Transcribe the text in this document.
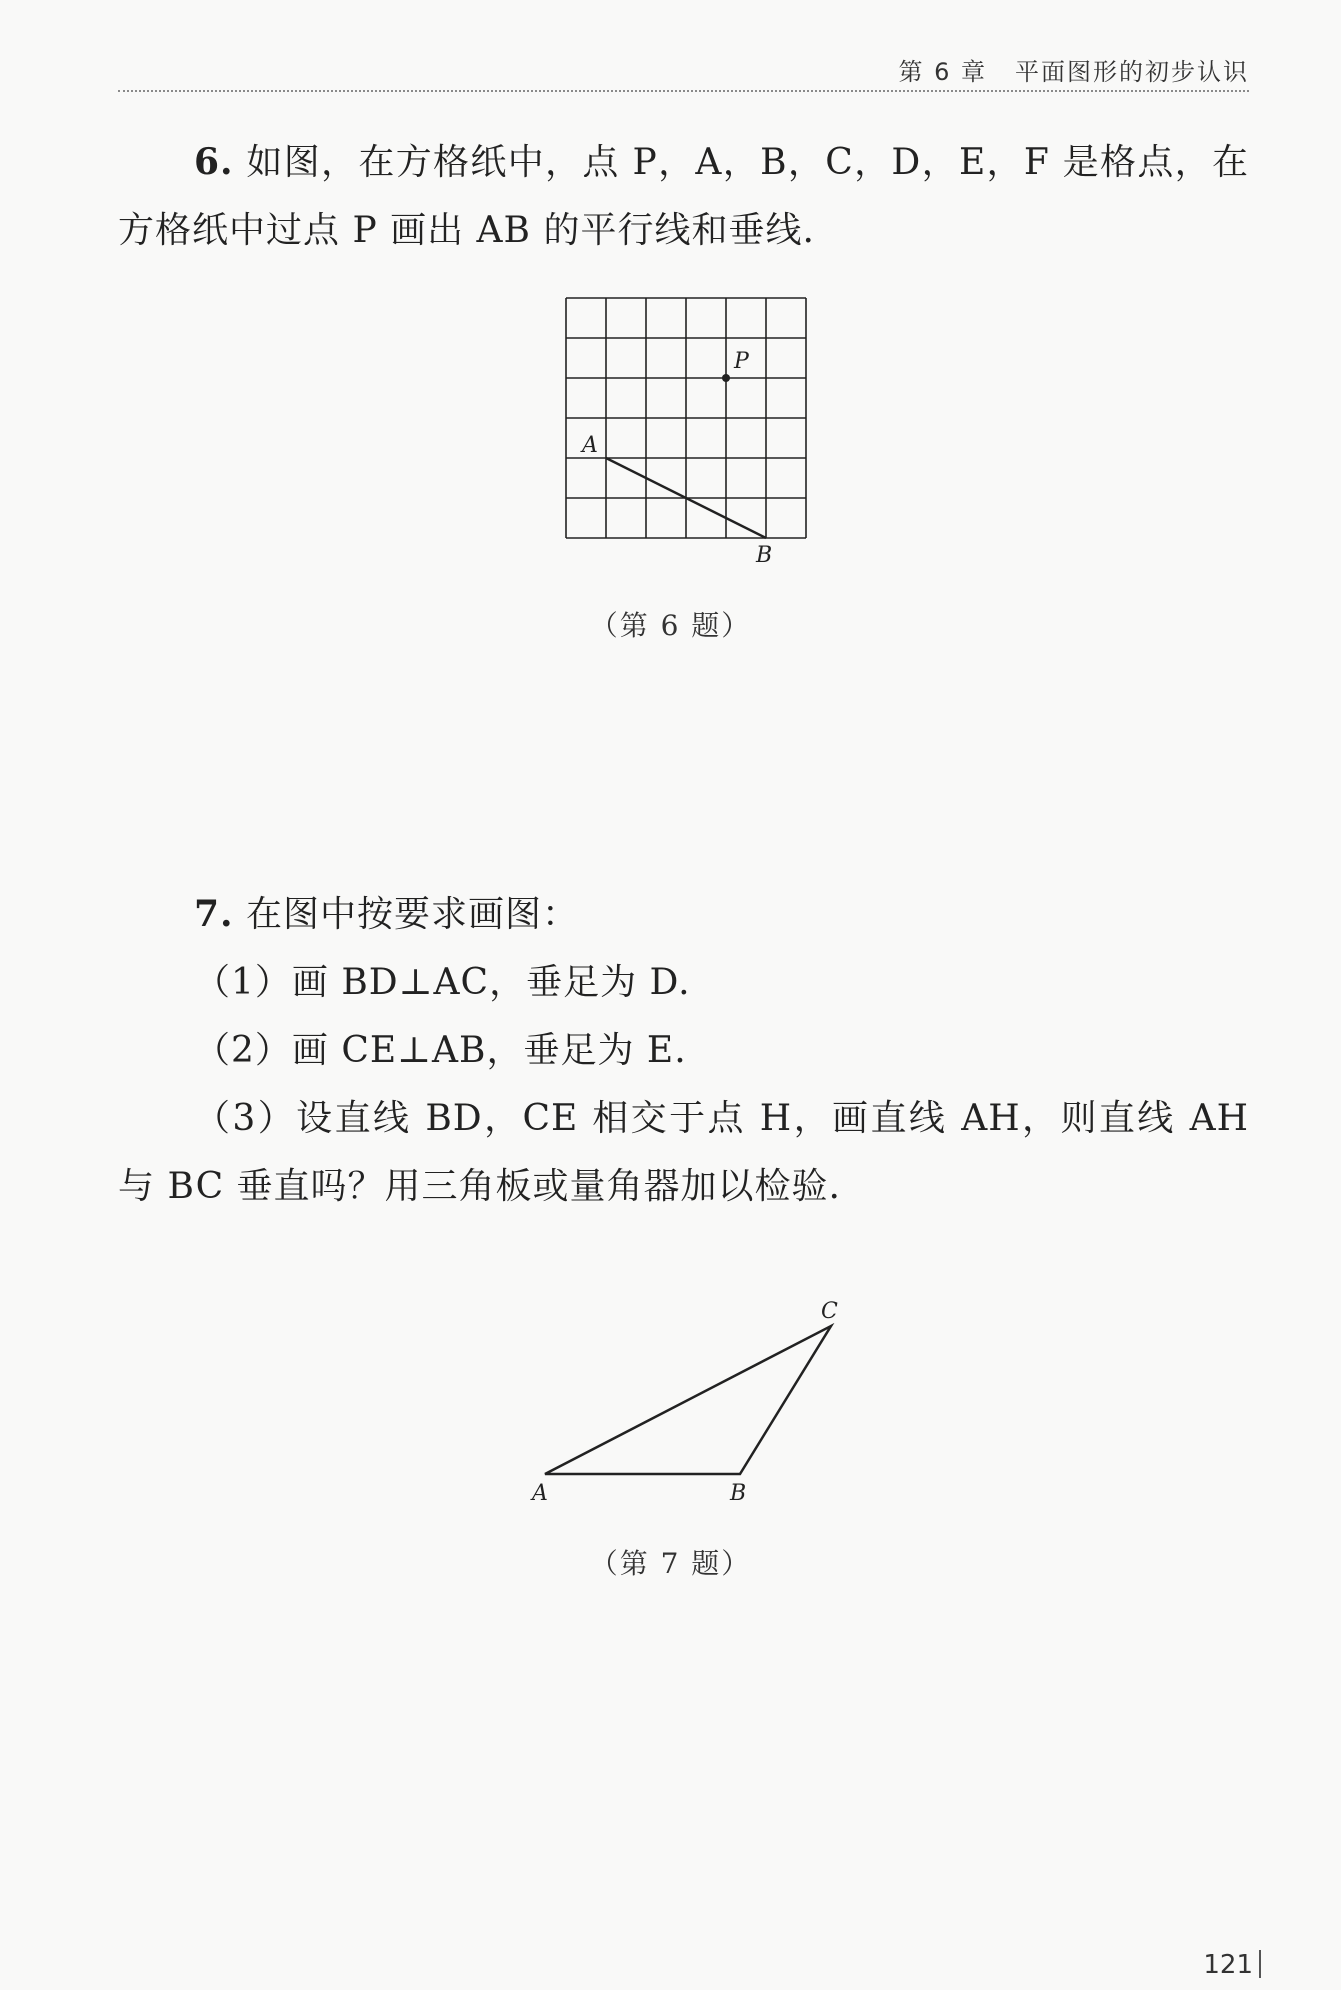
第 6 章 平面图形的初步认识
6. 如图，在方格纸中，点 P，A，B，C，D，E，F 是格点，在方格纸中过点 P 画出 AB 的平行线和垂线.
P
A
B
（第 6 题）

7. 在图中按要求画图：

（1）画 BD⊥AC，垂足为 D.

（2）画 CE⊥AB，垂足为 E.

（3）设直线 BD，CE 相交于点 H，画直线 AH，则直线 AH 与 BC 垂直吗？用三角板或量角器加以检验.

A	B
C
（第 7 题）
121
